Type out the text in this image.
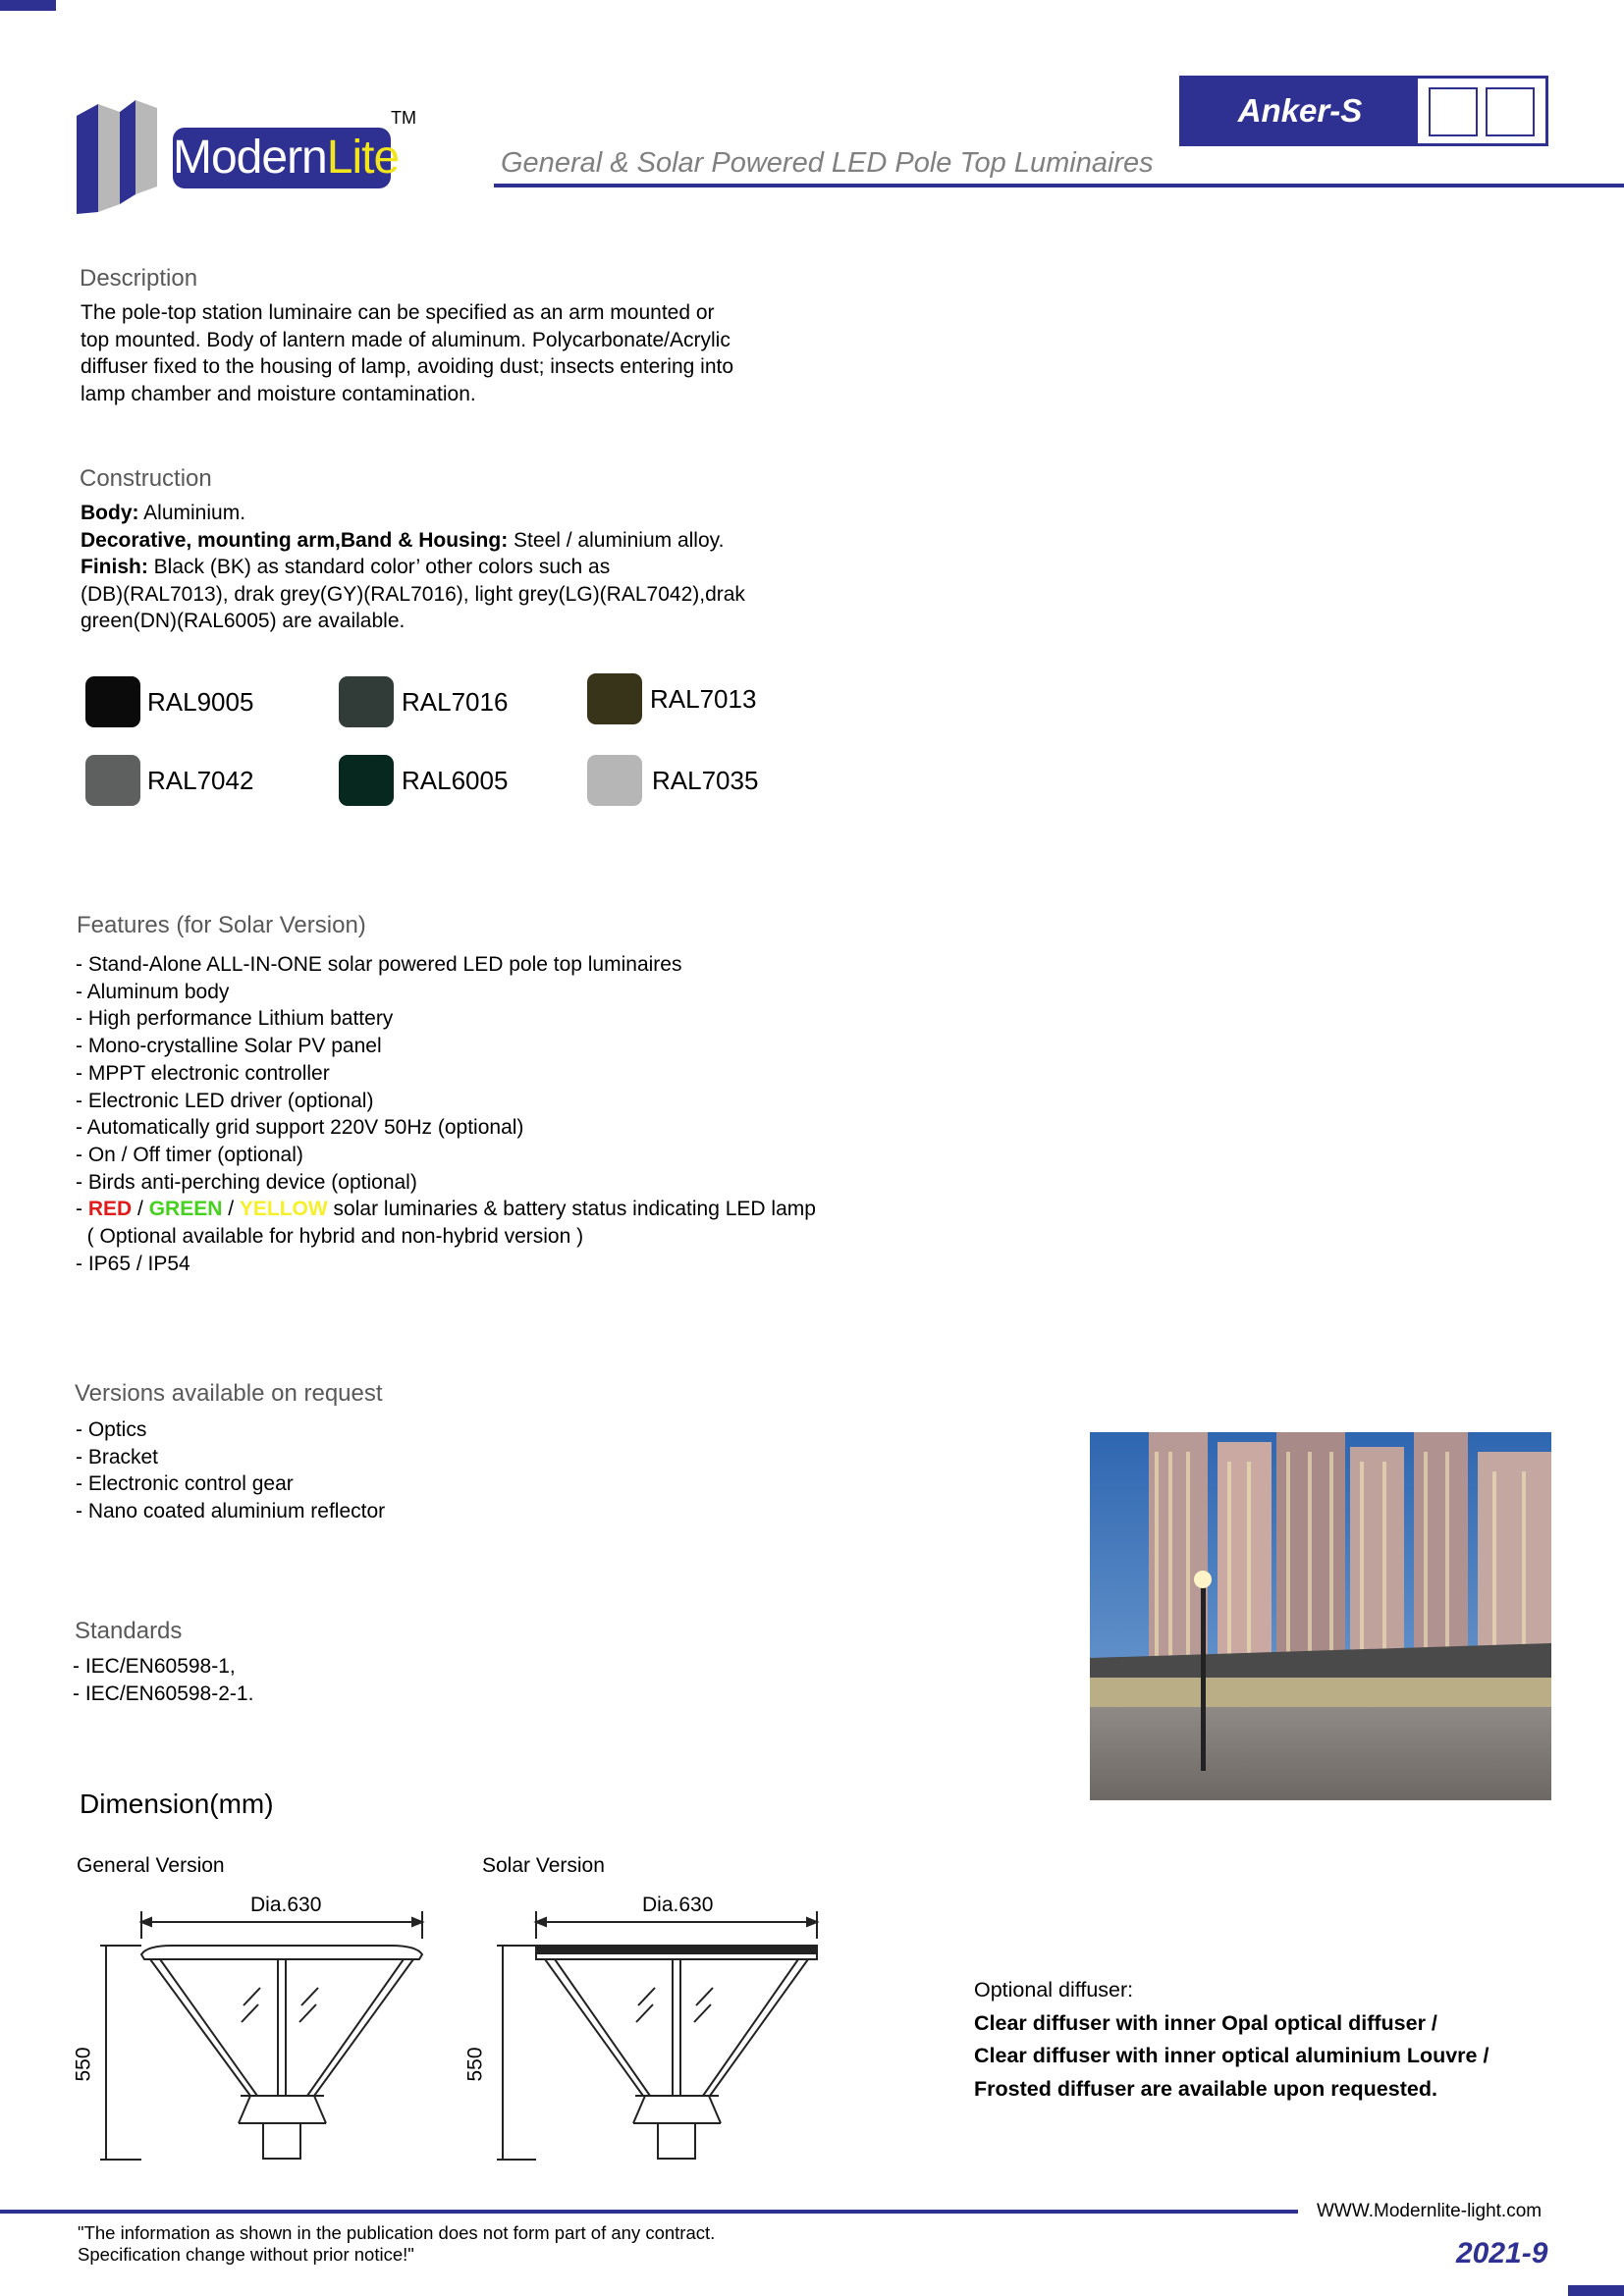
ModernLite
TM	Anker-S
General & Solar Powered LED Pole Top Luminaires
Description
The pole-top station luminaire can be specified as an arm mounted or
top mounted. Body of lantern made of aluminum. Polycarbonate/Acrylic
diffuser fixed to the housing of lamp, avoiding dust; insects entering into
lamp chamber and moisture contamination.
Construction
Body: Aluminium.
Decorative, mounting arm,Band & Housing: Steel / aluminium alloy.
Finish: Black (BK) as standard color’ other colors such as
(DB)(RAL7013), drak grey(GY)(RAL7016), light grey(LG)(RAL7042),drak
green(DN)(RAL6005) are available.
RAL9005	RAL7016	RAL7013
RAL7042	RAL6005	RAL7035
Features (for Solar Version)
- Stand-Alone ALL-IN-ONE solar powered LED pole top luminaires
- Aluminum body
- High performance Lithium battery
- Mono-crystalline Solar PV panel
- MPPT electronic controller
- Electronic LED driver (optional)
- Automatically grid support 220V 50Hz (optional)
- On / Off timer (optional)
- Birds anti-perching device (optional)
- RED / GREEN / YELLOW solar luminaries & battery status indicating LED lamp
( Optional available for hybrid and non-hybrid version )
- IP65 / IP54
Versions available on request
- Optics
- Bracket
- Electronic control gear
- Nano coated aluminium reflector
Standards
- IEC/EN60598-1,
- IEC/EN60598-2-1.
Dimension(mm)
General Version	Solar Version
Dia.630
550
Dia.630
550
Optional diffuser:
Clear diffuser with inner Opal optical diffuser /
Clear diffuser with inner optical aluminium Louvre /
Frosted diffuser are available upon requested.
WWW.Modernlite-light.com
"The information as shown in the publication does not form part of any contract.
Specification change without prior notice!"	2021-9
